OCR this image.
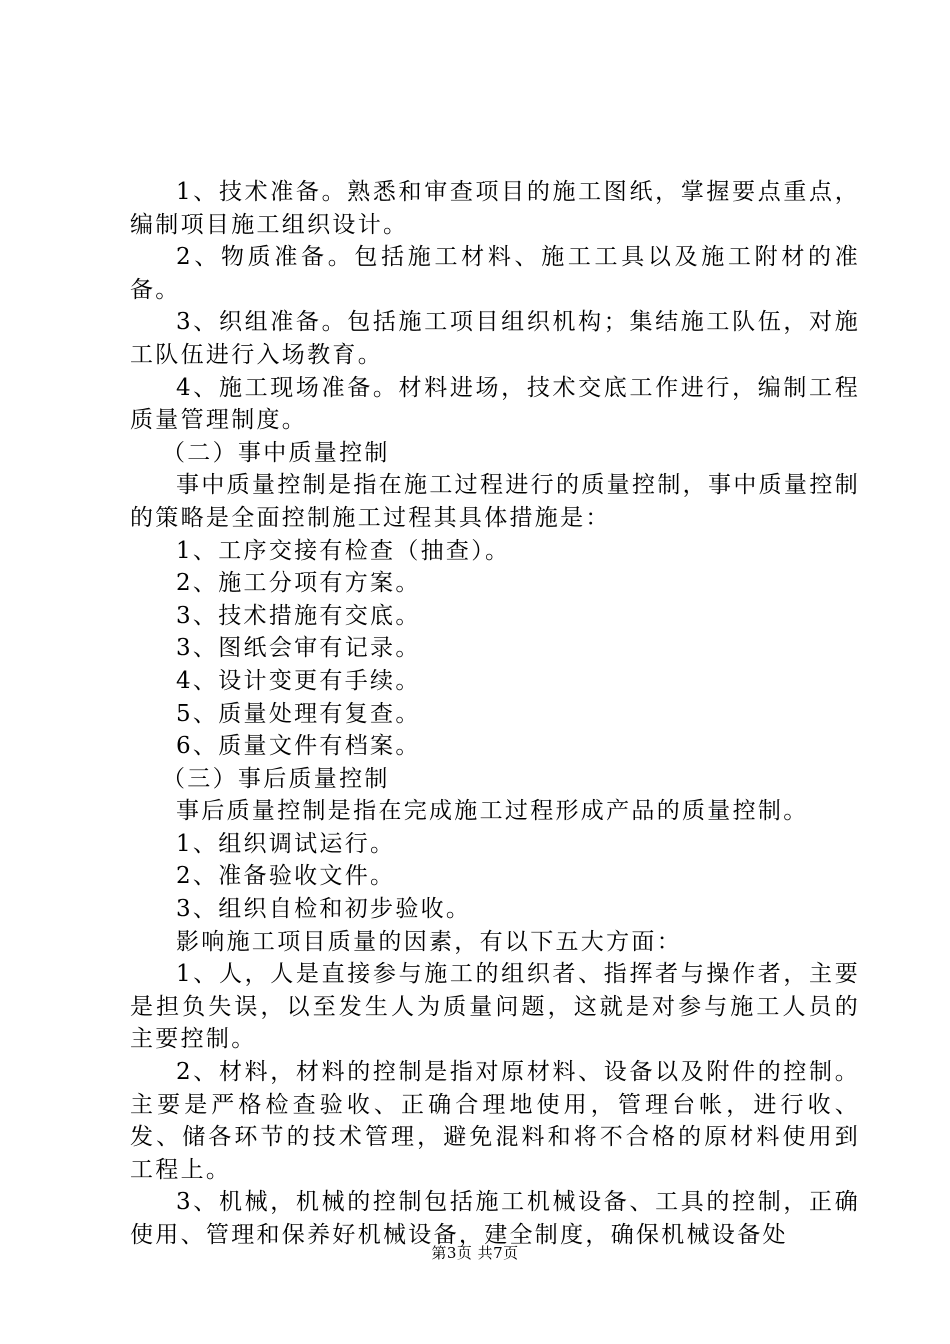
1、技术准备。熟悉和审查项目的施工图纸，掌握要点重点，编制项目施工组织设计。

2、物质准备。包括施工材料、施工工具以及施工附材的准备。

3、织组准备。包括施工项目组织机构；集结施工队伍，对施工队伍进行入场教育。

4、施工现场准备。材料进场，技术交底工作进行，编制工程质量管理制度。

（二）事中质量控制

事中质量控制是指在施工过程进行的质量控制，事中质量控制的策略是全面控制施工过程其具体措施是：

1、工序交接有检查（抽查）。

2、施工分项有方案。

3、技术措施有交底。

3、图纸会审有记录。

4、设计变更有手续。

5、质量处理有复查。

6、质量文件有档案。

（三）事后质量控制

事后质量控制是指在完成施工过程形成产品的质量控制。

1、组织调试运行。

2、准备验收文件。

3、组织自检和初步验收。

影响施工项目质量的因素，有以下五大方面：

1、人，人是直接参与施工的组织者、指挥者与操作者，主要是担负失误，以至发生人为质量问题，这就是对参与施工人员的主要控制。

2、材料，材料的控制是指对原材料、设备以及附件的控制。主要是严格检查验收、正确合理地使用，管理台帐，进行收、发、储各环节的技术管理，避免混料和将不合格的原材料使用到工程上。

3、机械，机械的控制包括施工机械设备、工具的控制，正确使用、管理和保养好机械设备，建全制度，确保机械设备处

第3页 共7页
